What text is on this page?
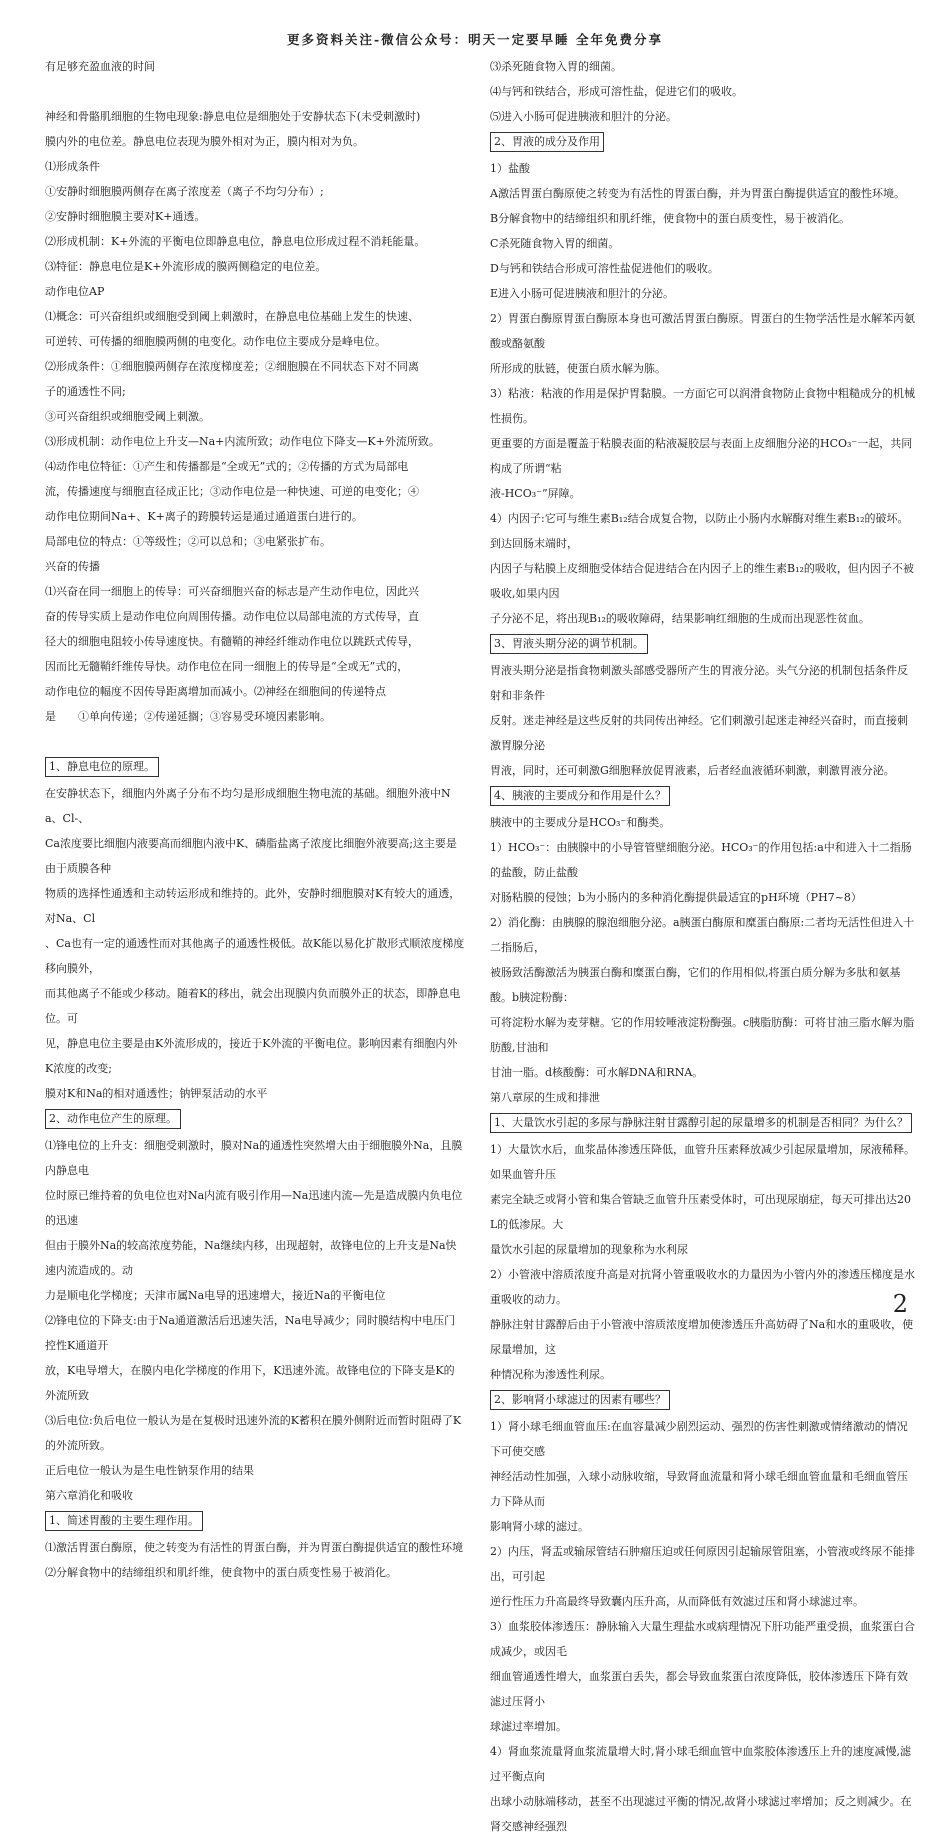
更多资料关注-微信公众号：明天一定要早睡 全年免费分享

有足够充盈血液的时间

神经和骨骼肌细胞的生物电现象:静息电位是细胞处于安静状态下(未受刺激时)

膜内外的电位差。静息电位表现为膜外相对为正，膜内相对为负。

⑴形成条件

①安静时细胞膜两侧存在离子浓度差（离子不均匀分布）;

②安静时细胞膜主要对K+通透。

⑵形成机制：K+外流的平衡电位即静息电位，静息电位形成过程不消耗能量。

⑶特征：静息电位是K+外流形成的膜两侧稳定的电位差。

动作电位AP

⑴概念：可兴奋组织或细胞受到阈上刺激时，在静息电位基础上发生的快速、

可逆转、可传播的细胞膜两侧的电变化。动作电位主要成分是峰电位。

⑵形成条件：①细胞膜两侧存在浓度梯度差；②细胞膜在不同状态下对不同离

子的通透性不同;

③可兴奋组织或细胞受阈上刺激。

⑶形成机制：动作电位上升支—Na+内流所致；动作电位下降支—K+外流所致。

⑷动作电位特征：①产生和传播都是“全或无”式的；②传播的方式为局部电

流，传播速度与细胞直径成正比；③动作电位是一种快速、可逆的电变化；④

动作电位期间Na+、K+离子的跨膜转运是通过通道蛋白进行的。

局部电位的特点：①等级性；②可以总和；③电紧张扩布。

兴奋的传播

⑴兴奋在同一细胞上的传导：可兴奋细胞兴奋的标志是产生动作电位，因此兴

奋的传导实质上是动作电位向周围传播。动作电位以局部电流的方式传导，直

径大的细胞电阻较小传导速度快。有髓鞘的神经纤维动作电位以跳跃式传导，

因而比无髓鞘纤维传导快。动作电位在同一细胞上的传导是“全或无”式的，

动作电位的幅度不因传导距离增加而减小。⑵神经在细胞间的传递特点

是　　①单向传递；②传递延搁；③容易受环境因素影响。

1、静息电位的原理。

在安静状态下，细胞内外离子分布不均匀是形成细胞生物电流的基础。细胞外液中Na、Cl-、

Ca浓度要比细胞内液要高而细胞内液中K、磷脂盐离子浓度比细胞外液要高;这主要是由于质膜各种

物质的选择性通透和主动转运形成和维持的。此外，安静时细胞膜对K有较大的通透，对Na、Cl

、Ca也有一定的通透性而对其他离子的通透性极低。故K能以易化扩散形式顺浓度梯度移向膜外，

而其他离子不能或少移动。随着K的移出，就会出现膜内负而膜外正的状态，即静息电位。可

见，静息电位主要是由K外流形成的，接近于K外流的平衡电位。影响因素有细胞内外K浓度的改变;

膜对K和Na的相对通透性；钠钾泵活动的水平

2、动作电位产生的原理。

⑴锋电位的上升支：细胞受刺激时，膜对Na的通透性突然增大由于细胞膜外Na，且膜内静息电

位时原已维持着的负电位也对Na内流有吸引作用—Na迅速内流—先是造成膜内负电位的迅速

但由于膜外Na的较高浓度势能，Na继续内移，出现超射，故锋电位的上升支是Na快速内流造成的。动

力是顺电化学梯度；天津市属Na电导的迅速增大，接近Na的平衡电位

⑵锋电位的下降支:由于Na通道激活后迅速失活，Na电导减少；同时膜结构中电压门控性K通道开

放，K电导增大，在膜内电化学梯度的作用下，K迅速外流。故锋电位的下降支是K的外流所致

⑶后电位:负后电位一般认为是在复极时迅速外流的K蓄积在膜外侧附近而暂时阻碍了K的外流所致。

正后电位一般认为是生电性钠泵作用的结果

第六章消化和吸收

1、简述胃酸的主要生理作用。

⑴激活胃蛋白酶原，使之转变为有活性的胃蛋白酶，并为胃蛋白酶提供适宜的酸性环境

⑵分解食物中的结缔组织和肌纤维，使食物中的蛋白质变性易于被消化。

⑶杀死随食物入胃的细菌。

⑷与钙和铁结合，形成可溶性盐，促进它们的吸收。

⑸进入小肠可促进胰液和胆汁的分泌。

2、胃液的成分及作用

1）盐酸

A激活胃蛋白酶原使之转变为有活性的胃蛋白酶，并为胃蛋白酶提供适宜的酸性环境。

B分解食物中的结缔组织和肌纤维，使食物中的蛋白质变性，易于被消化。

C杀死随食物入胃的细菌。

D与钙和铁结合形成可溶性盐促进他们的吸收。

E进入小肠可促进胰液和胆汁的分泌。

2）胃蛋白酶原胃蛋白酶原本身也可激活胃蛋白酶原。胃蛋白的生物学活性是水解苯丙氨酸或酪氨酸

所形成的肽链，使蛋白质水解为胨。

3）粘液：粘液的作用是保护胃黏膜。一方面它可以润滑食物防止食物中粗糙成分的机械性损伤。

更重要的方面是覆盖于粘膜表面的粘液凝胶层与表面上皮细胞分泌的HCO₃⁻一起，共同构成了所谓“粘

液-HCO₃⁻”屏障。

4）内因子:它可与维生素B₁₂结合成复合物，以防止小肠内水解酶对维生素B₁₂的破坏。到达回肠末端时，

内因子与粘膜上皮细胞受体结合促进结合在内因子上的维生素B₁₂的吸收，但内因子不被吸收,如果内因

子分泌不足，将出现B₁₂的吸收障碍，结果影响红细胞的生成而出现恶性贫血。

3、胃液头期分泌的调节机制。

胃液头期分泌是指食物刺激头部感受器所产生的胃液分泌。头气分泌的机制包括条件反射和非条件

反射。迷走神经是这些反射的共同传出神经。它们刺激引起迷走神经兴奋时，而直接刺激胃腺分泌

胃液，同时，还可刺激G细胞释放促胃液素，后者经血液循环刺激，刺激胃液分泌。

4、胰液的主要成分和作用是什么？

胰液中的主要成分是HCO₃⁻和酶类。

1）HCO₃⁻：由胰腺中的小导管管壁细胞分泌。HCO₃⁻的作用包括:a中和进入十二指肠的盐酸，防止盐酸

对肠粘膜的侵蚀；b为小肠内的多种消化酶提供最适宜的pH环境（PH7~8）

2）消化酶：由胰腺的腺泡细胞分泌。a胰蛋白酶原和糜蛋白酶原:二者均无活性但进入十二指肠后，

被肠致活酶激活为胰蛋白酶和糜蛋白酶，它们的作用相似,将蛋白质分解为多肽和氨基酸。b胰淀粉酶：

可将淀粉水解为麦芽糖。它的作用较唾液淀粉酶强。c胰脂肪酶：可将甘油三脂水解为脂肪酸,甘油和

甘油一脂。d核酸酶：可水解DNA和RNA。

第八章尿的生成和排泄

1、大量饮水引起的多尿与静脉注射甘露醇引起的尿量增多的机制是否相同？为什么？

1）大量饮水后，血浆晶体渗透压降低，血管升压素释放减少引起尿量增加，尿液稀释。如果血管升压

素完全缺乏或肾小管和集合管缺乏血管升压素受体时，可出现尿崩症，每天可排出达20L的低渗尿。大

量饮水引起的尿量增加的现象称为水利尿

2）小管液中溶质浓度升高是对抗肾小管重吸收水的力量因为小管内外的渗透压梯度是水重吸收的动力。

静脉注射甘露醇后由于小管液中溶质浓度增加使渗透压升高妨碍了Na和水的重吸收，使尿量增加，这

种情况称为渗透性利尿。

2、影响肾小球滤过的因素有哪些？

1）肾小球毛细血管血压:在血容量减少剧烈运动、强烈的伤害性刺激或情绪激动的情况下可使交感

神经活动性加强，入球小动脉收缩，导致肾血流量和肾小球毛细血管血量和毛细血管压力下降从而

影响肾小球的滤过。

2）内压，肾盂或输尿管结石肿瘤压迫或任何原因引起输尿管阻塞，小管液或终尿不能排出，可引起

逆行性压力升高最终导致囊内压升高，从而降低有效滤过压和肾小球滤过率。

3）血浆胶体渗透压：静脉输入大量生理盐水或病理情况下肝功能严重受损，血浆蛋白合成减少，或因毛

细血管通透性增大，血浆蛋白丢失，都会导致血浆蛋白浓度降低，胶体渗透压下降有效滤过压肾小

球滤过率增加。

4）肾血浆流量肾血浆流量增大时,肾小球毛细血管中血浆胶体渗透压上升的速度减慢,滤过平衡点向

出球小动脉端移动，甚至不出现滤过平衡的情况,故肾小球滤过率增加；反之则减少。在肾交感神经强烈

2
